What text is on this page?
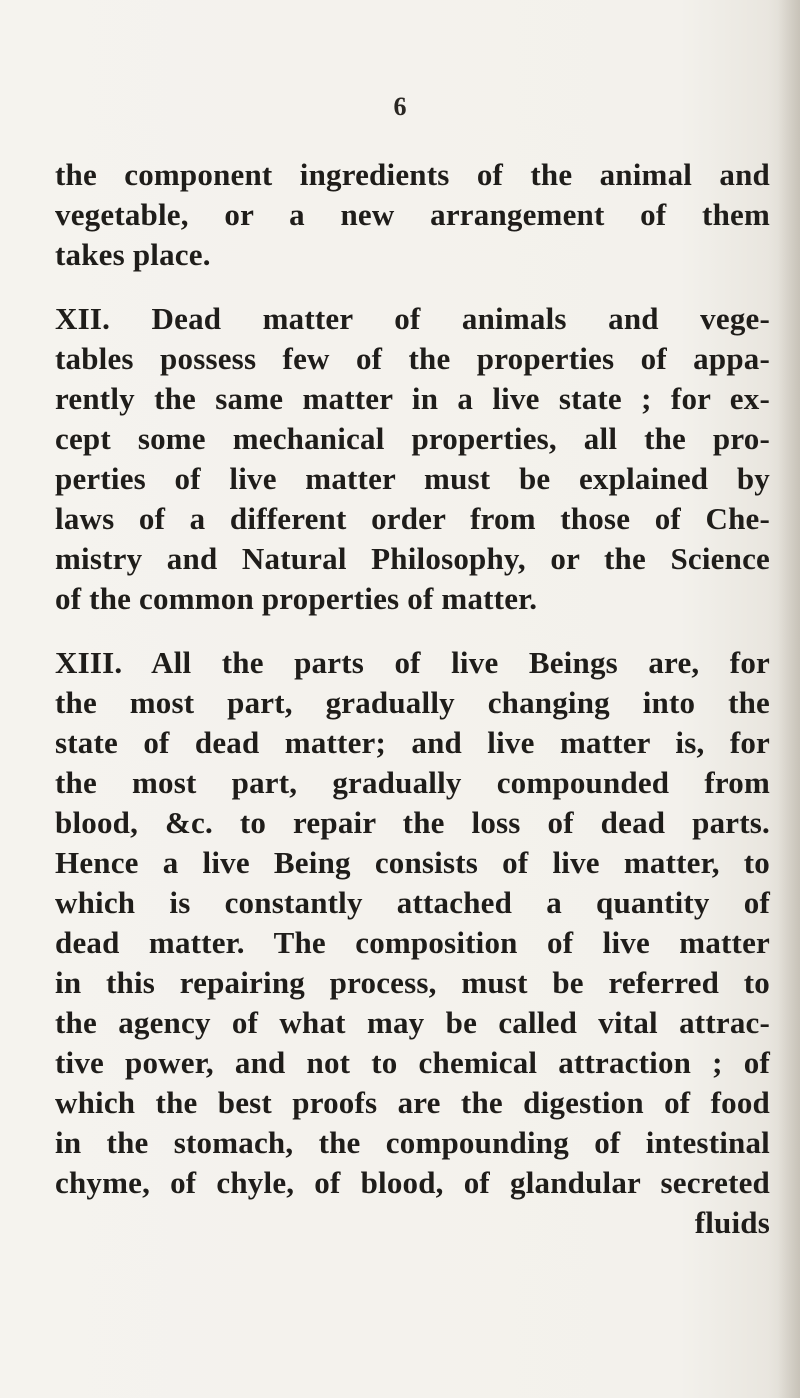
6
the component ingredients of the animal and
vegetable, or a new arrangement of them
takes place.
XII. Dead matter of animals and vege-
tables possess few of the properties of appa-
rently the same matter in a live state ; for ex-
cept some mechanical properties, all the pro-
perties of live matter must be explained by
laws of a different order from those of Che-
mistry and Natural Philosophy, or the Science
of the common properties of matter.
XIII. All the parts of live Beings are, for
the most part, gradually changing into the
state of dead matter; and live matter is, for
the most part, gradually compounded from
blood, &c. to repair the loss of dead parts.
Hence a live Being consists of live matter, to
which is constantly attached a quantity of
dead matter. The composition of live matter
in this repairing process, must be referred to
the agency of what may be called vital attrac-
tive power, and not to chemical attraction ; of
which the best proofs are the digestion of food
in the stomach, the compounding of intestinal
chyme, of chyle, of blood, of glandular secreted
fluids
